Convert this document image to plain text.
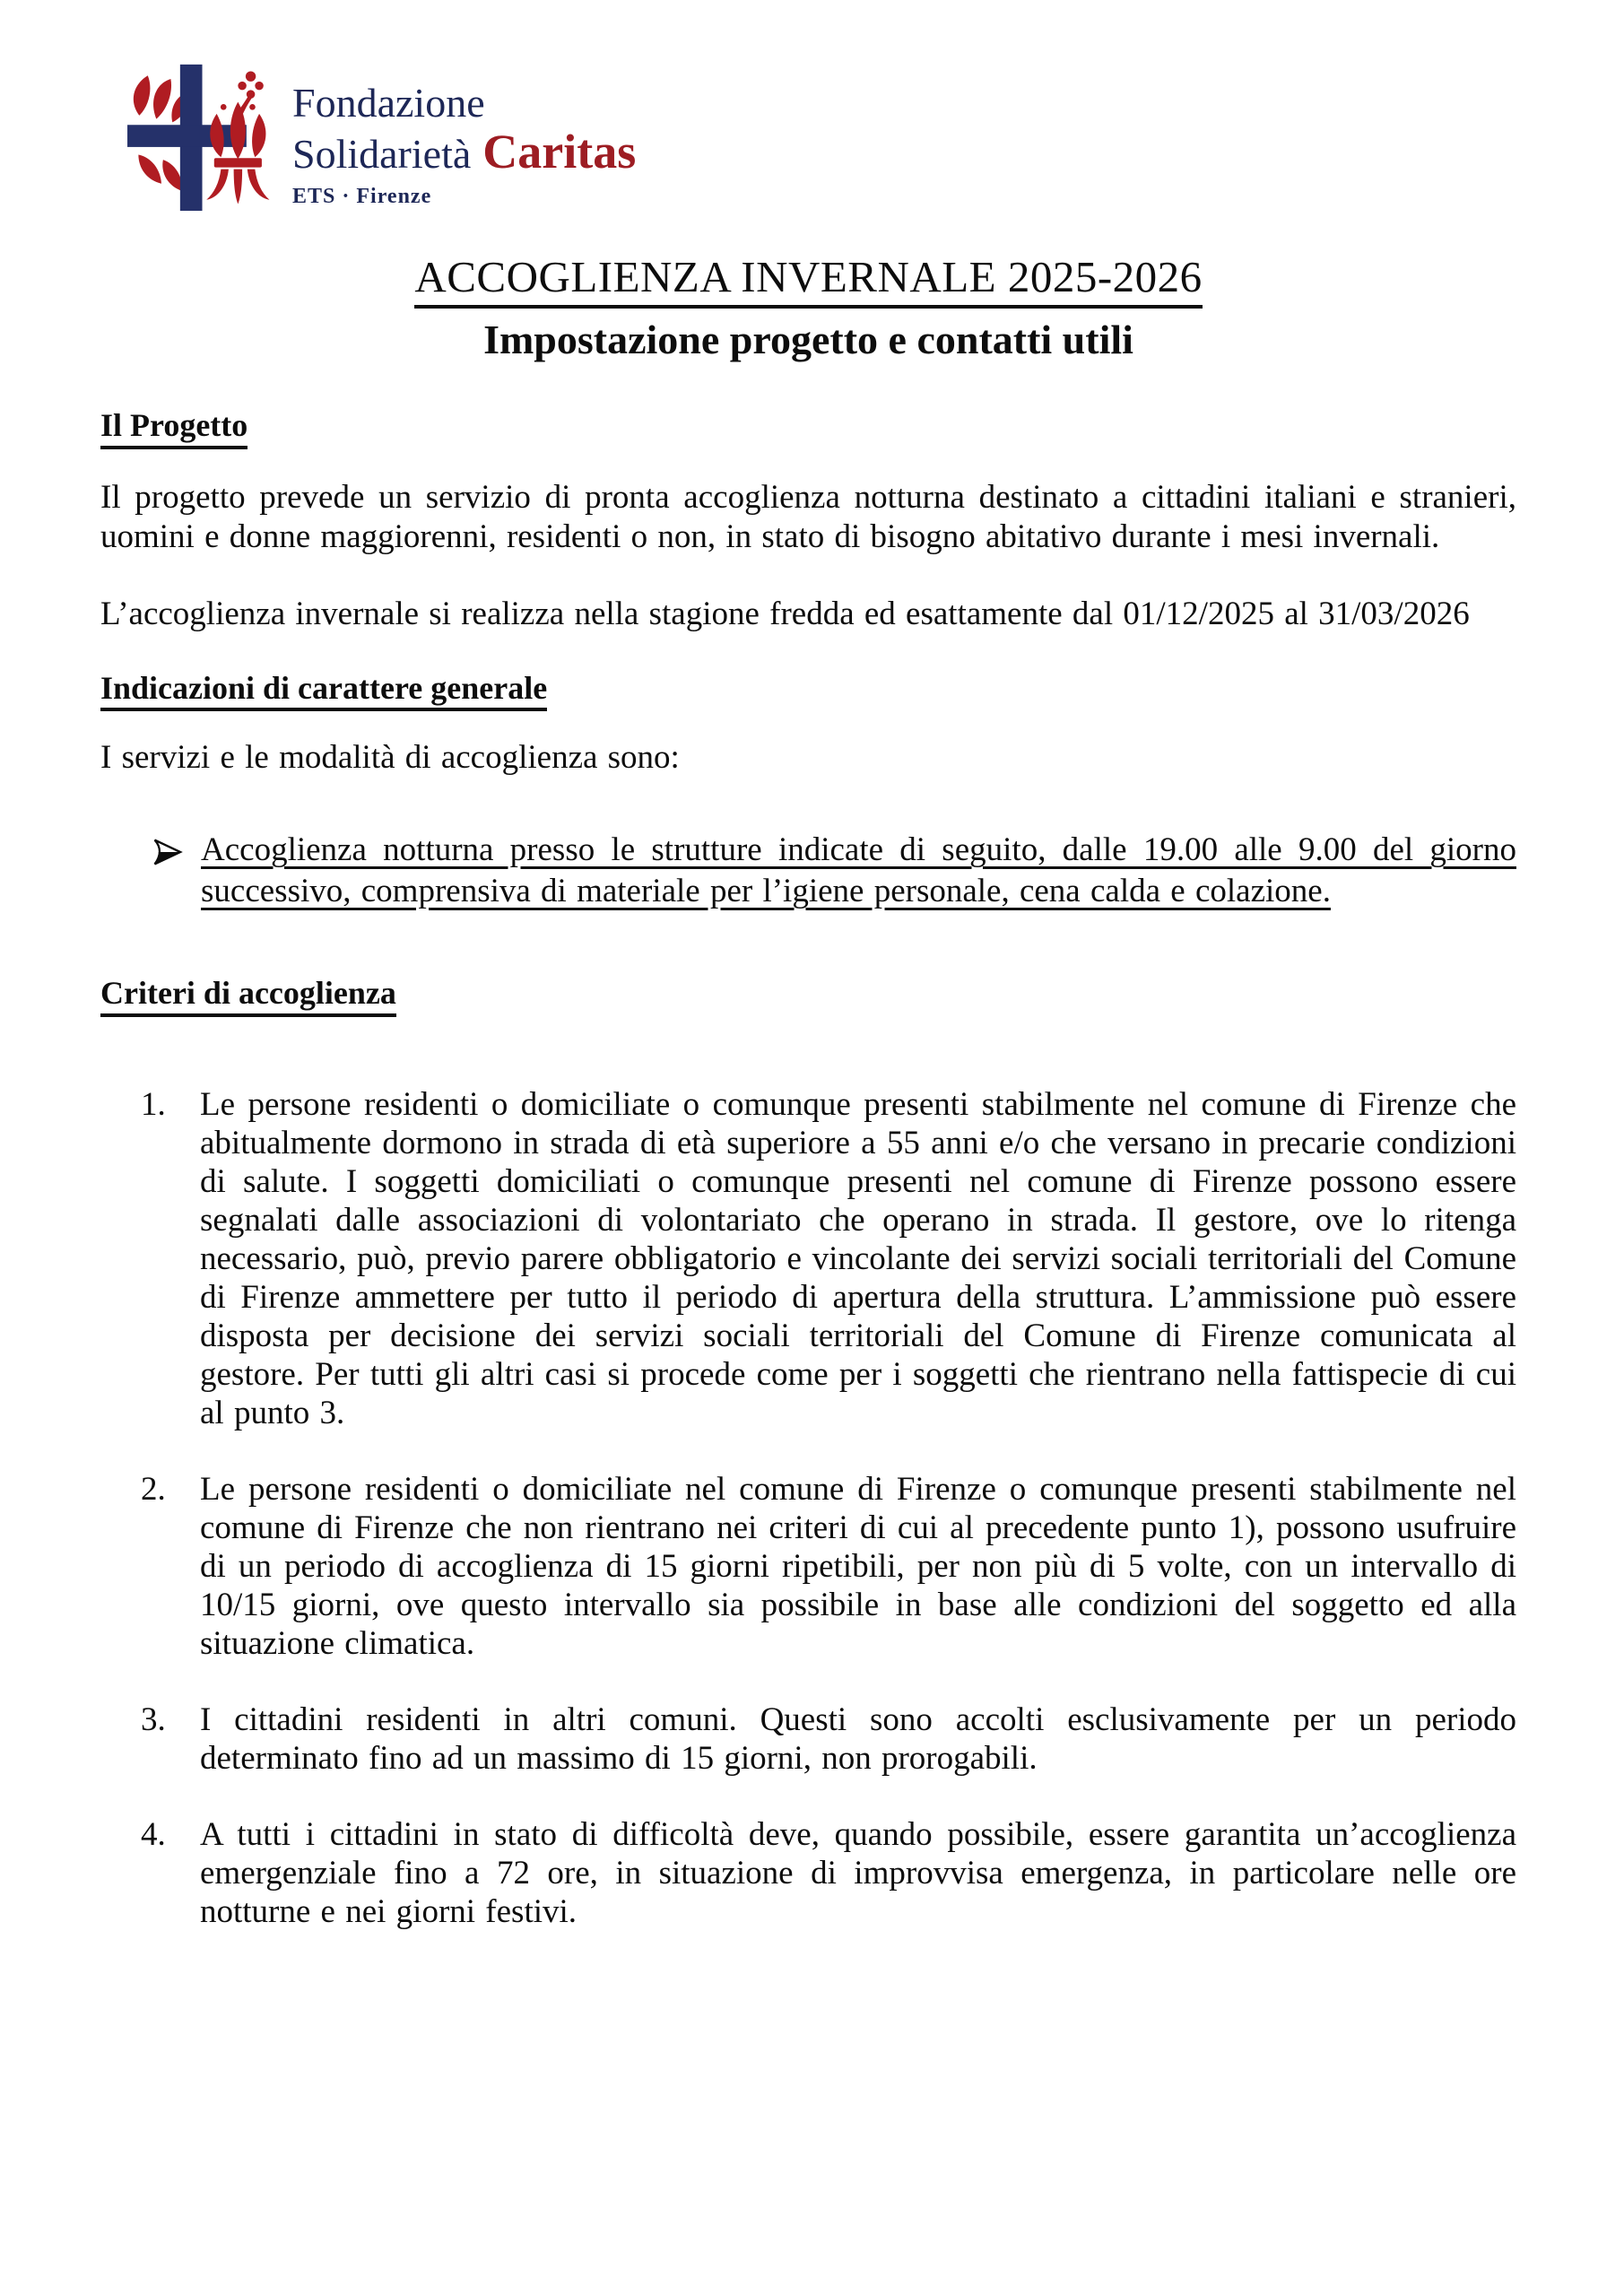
Fondazione
Solidarietà Caritas
ETS · Firenze
ACCOGLIENZA INVERNALE 2025-2026
Impostazione progetto e contatti utili
Il Progetto
Il progetto prevede un servizio di pronta accoglienza notturna destinato a cittadini italiani e stranieri, uomini e donne maggiorenni, residenti o non, in stato di bisogno abitativo durante i mesi invernali.
L’accoglienza invernale si realizza nella stagione fredda ed esattamente dal 01/12/2025 al 31/03/2026
Indicazioni di carattere generale
I servizi e le modalità di accoglienza sono:
Accoglienza notturna presso le strutture indicate di seguito, dalle 19.00 alle 9.00 del giorno successivo, comprensiva di materiale per l’igiene personale, cena calda e colazione.
Criteri di accoglienza
1.	Le persone residenti o domiciliate o comunque presenti stabilmente nel comune di Firenze che abitualmente dormono in strada di età superiore a 55 anni e/o che versano in precarie condizioni di salute. I soggetti domiciliati o comunque presenti nel comune di Firenze possono essere segnalati dalle associazioni di volontariato che operano in strada. Il gestore, ove lo ritenga necessario, può, previo parere obbligatorio e vincolante dei servizi sociali territoriali del Comune di Firenze ammettere per tutto il periodo di apertura della struttura. L’ammissione può essere disposta per decisione dei servizi sociali territoriali del Comune di Firenze comunicata al gestore. Per tutti gli altri casi si procede come per i soggetti che rientrano nella fattispecie di cui al punto 3.
2.	Le persone residenti o domiciliate nel comune di Firenze o comunque presenti stabilmente nel comune di Firenze che non rientrano nei criteri di cui al precedente punto 1), possono usufruire di un periodo di accoglienza di 15 giorni ripetibili, per non più di 5 volte, con un intervallo di 10/15 giorni, ove questo intervallo sia possibile in base alle condizioni del soggetto ed alla situazione climatica.
3.	I cittadini residenti in altri comuni. Questi sono accolti esclusivamente per un periodo determinato fino ad un massimo di 15 giorni, non prorogabili.
4.	A tutti i cittadini in stato di difficoltà deve, quando possibile, essere garantita un’accoglienza emergenziale fino a 72 ore, in situazione di improvvisa emergenza, in particolare nelle ore notturne e nei giorni festivi.
